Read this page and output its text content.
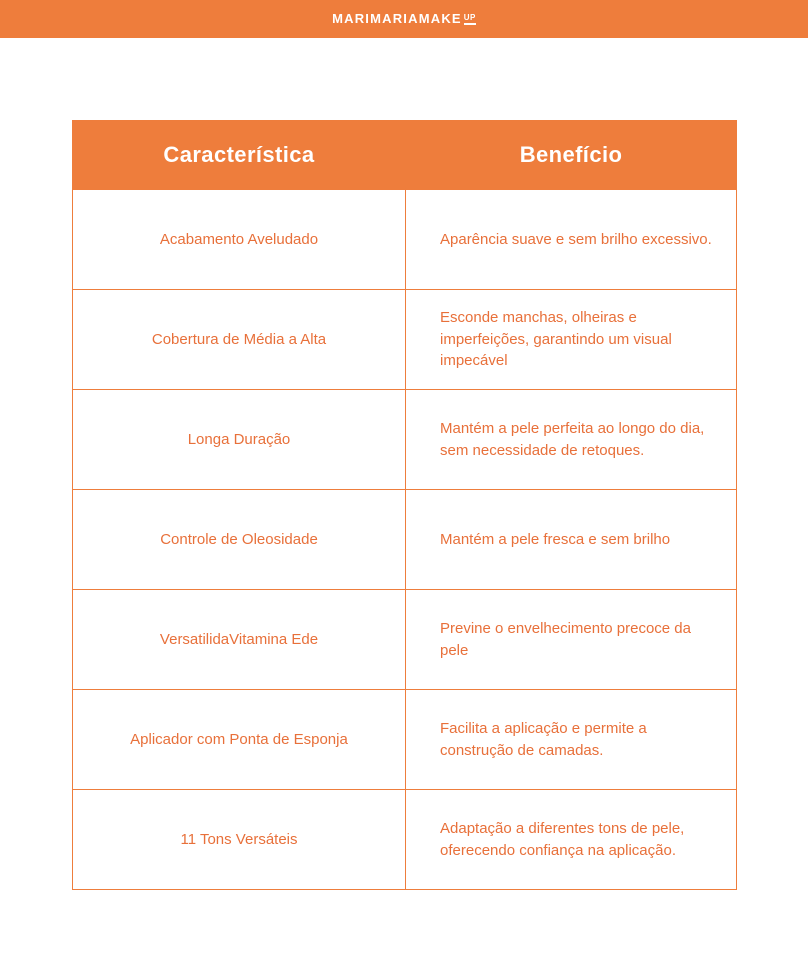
MARIMARIAMAKE UP
Característica	Benefício
Acabamento Aveludado	Aparência suave e sem brilho excessivo.
Cobertura de Média a Alta	Esconde manchas, olheiras e imperfeições, garantindo um visual impecável
Longa Duração	Mantém a pele perfeita ao longo do dia, sem necessidade de retoques.
Controle de Oleosidade	Mantém a pele fresca e sem brilho
VersatilidaVitamina Ede	Previne o envelhecimento precoce da pele
Aplicador com Ponta de Esponja	Facilita a aplicação e permite a construção de camadas.
11 Tons Versáteis	Adaptação a diferentes tons de pele, oferecendo confiança na aplicação.
